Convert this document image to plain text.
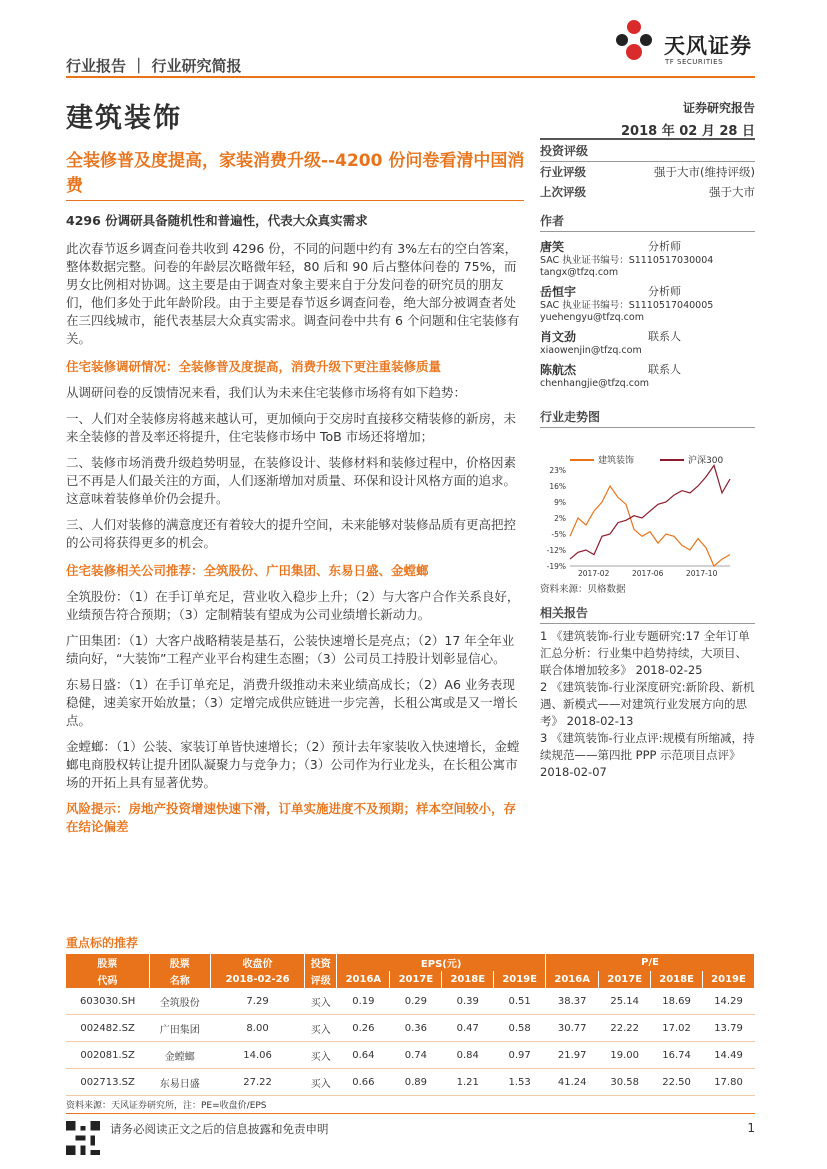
天风证券
TF SECURITIES
行业报告 ｜ 行业研究简报
建筑装饰	证券研究报告
2018 年 02 月 28 日
全装修普及度提高，家装消费升级--4200 份问卷看清中国消费
4296 份调研具备随机性和普遍性，代表大众真实需求

此次春节返乡调查问卷共收到 4296 份，不同的问题中约有 3%左右的空白答案，整体数据完整。问卷的年龄层次略微年轻，80 后和 90 后占整体问卷的 75%，而男女比例相对协调。这主要是由于调查对象主要来自于分发问卷的研究员的朋友们，他们多处于此年龄阶段。由于主要是春节返乡调查问卷，绝大部分被调查者处在三四线城市，能代表基层大众真实需求。调查问卷中共有 6 个问题和住宅装修有关。

住宅装修调研情况：全装修普及度提高，消费升级下更注重装修质量

从调研问卷的反馈情况来看，我们认为未来住宅装修市场将有如下趋势：

一、人们对全装修房将越来越认可，更加倾向于交房时直接移交精装修的新房，未来全装修的普及率还将提升，住宅装修市场中 ToB 市场还将增加；

二、装修市场消费升级趋势明显，在装修设计、装修材料和装修过程中，价格因素已不再是人们最关注的方面，人们逐渐增加对质量、环保和设计风格方面的追求。这意味着装修单价仍会提升。

三、人们对装修的满意度还有着较大的提升空间，未来能够对装修品质有更高把控的公司将获得更多的机会。

住宅装修相关公司推荐：全筑股份、广田集团、东易日盛、金螳螂

全筑股份：（1）在手订单充足，营业收入稳步上升；（2）与大客户合作关系良好，业绩预告符合预期；（3）定制精装有望成为公司业绩增长新动力。

广田集团：（1）大客户战略精装是基石，公装快速增长是亮点；（2）17 年全年业绩向好，“大装饰”工程产业平台构建生态圈；（3）公司员工持股计划彰显信心。

东易日盛：（1）在手订单充足，消费升级推动未来业绩高成长；（2）A6 业务表现稳健，速美家开始放量；（3）定增完成供应链进一步完善，长租公寓或是又一增长点。

金螳螂：（1）公装、家装订单皆快速增长；（2）预计去年家装收入快速增长，金螳螂电商股权转让提升团队凝聚力与竞争力；（3）公司作为行业龙头，在长租公寓市场的开拓上具有显著优势。

风险提示：房地产投资增速快速下滑，订单实施进度不及预期；样本空间较小，存在结论偏差

投资评级
行业评级	强于大市(维持评级)
上次评级	强于大市
作者
唐笑	分析师
SAC 执业证书编号：S1110517030004
tangx@tfzq.com
岳恒宇	分析师
SAC 执业证书编号：S1110517040005
yuehengyu@tfzq.com
肖文劲	联系人
xiaowenjin@tfzq.com
陈航杰	联系人
chenhangjie@tfzq.com
行业走势图
建筑装饰	沪深300
23%
16%
9%
2%
-5%
-12%
-19%
2017-02	2017-06	2017-10
资料来源：贝格数据
相关报告

1 《建筑装饰-行业专题研究:17 全年订单汇总分析：行业集中趋势持续，大项目、联合体增加较多》 2018-02-25

2 《建筑装饰-行业深度研究:新阶段、新机遇、新模式——对建筑行业发展方向的思考》 2018-02-13

3 《建筑装饰-行业点评:规模有所缩减，持续规范——第四批 PPP 示范项目点评》 2018-02-07

重点标的推荐
股票	股票	收盘价	投资	EPS(元)				P/E			
代码	名称	2018-02-26	评级	2016A	2017E	2018E	2019E	2016A	2017E	2018E	2019E
603030.SH	全筑股份	7.29	买入	0.19	0.29	0.39	0.51	38.37	25.14	18.69	14.29
002482.SZ	广田集团	8.00	买入	0.26	0.36	0.47	0.58	30.77	22.22	17.02	13.79
002081.SZ	金螳螂	14.06	买入	0.64	0.74	0.84	0.97	21.97	19.00	16.74	14.49
002713.SZ	东易日盛	27.22	买入	0.66	0.89	1.21	1.53	41.24	30.58	22.50	17.80
资料来源：天风证券研究所，注：PE=收盘价/EPS
请务必阅读正文之后的信息披露和免责申明	1
